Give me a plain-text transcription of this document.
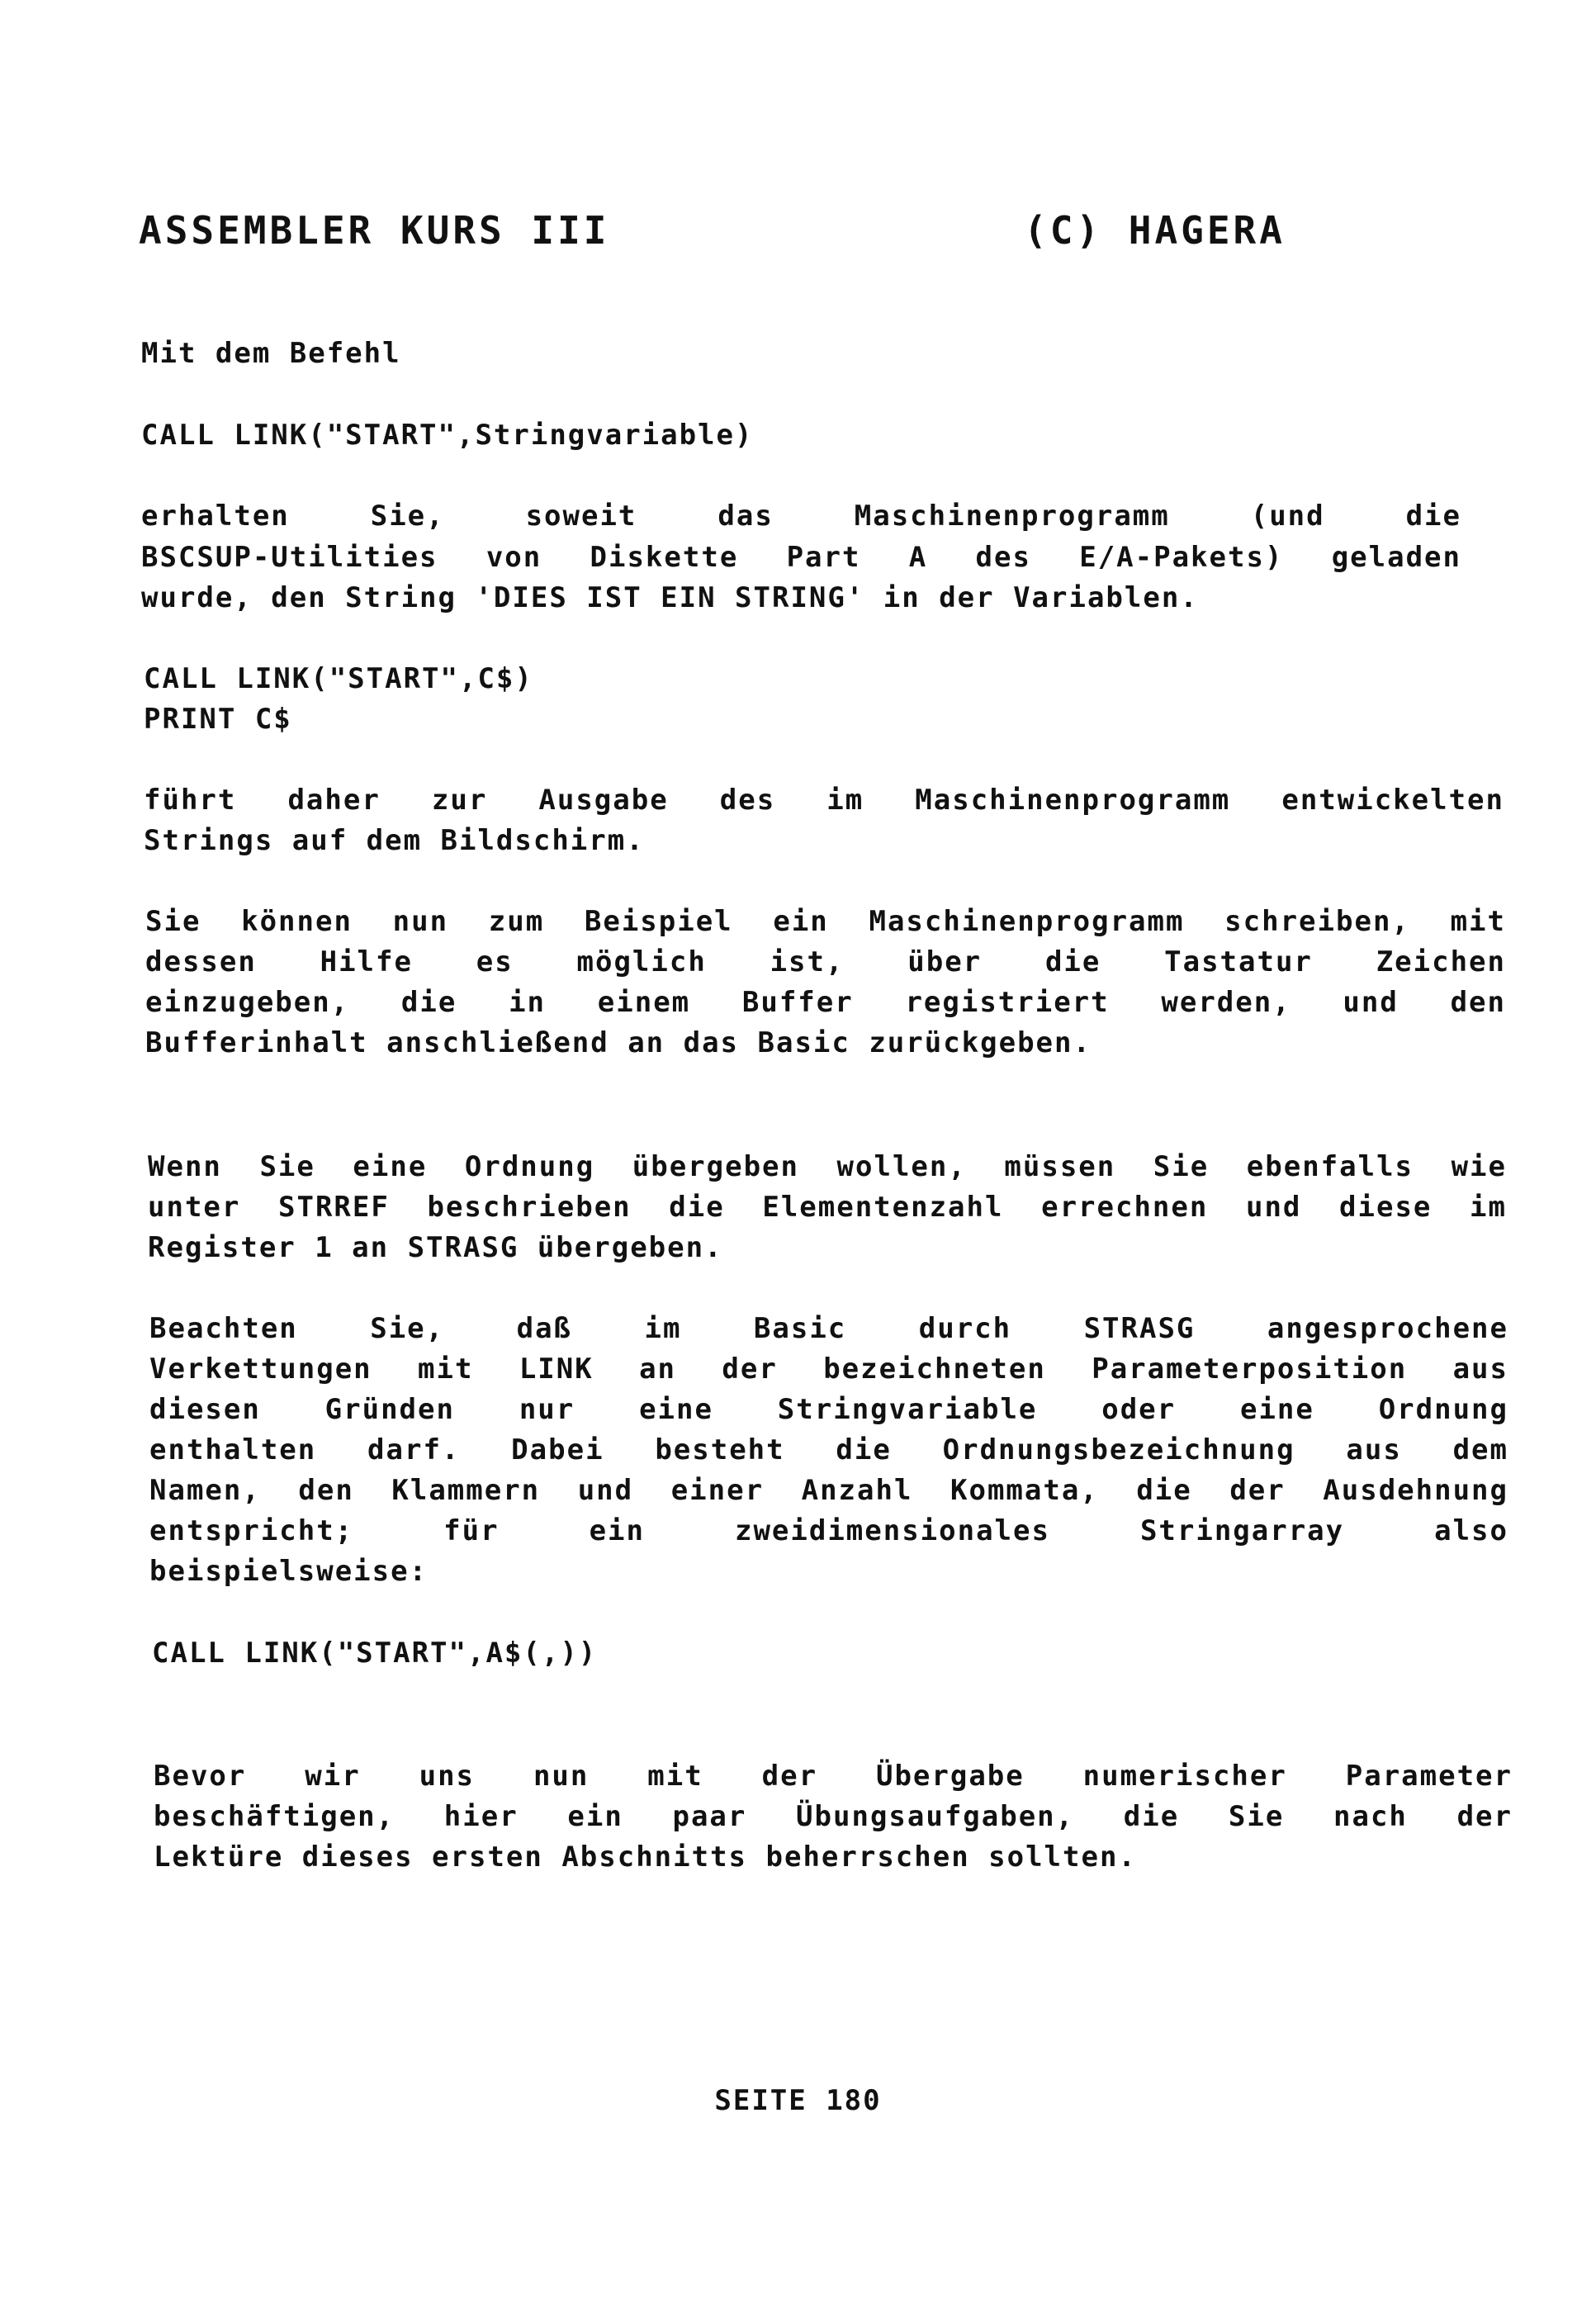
ASSEMBLER KURS III

	(C) HAGERA

Mit dem Befehl
CALL LINK("START",Stringvariable)
erhalten Sie, soweit das Maschinenprogramm (und die
BSCSUP-Utilities von Diskette Part A des E/A-Pakets) geladen
wurde, den String 'DIES IST EIN STRING' in der Variablen.
CALL LINK("START",C$)
PRINT C$
führt daher zur Ausgabe des im Maschinenprogramm entwickelten
Strings auf dem Bildschirm.
Sie können nun zum Beispiel ein Maschinenprogramm schreiben, mit
dessen Hilfe es möglich ist, über die Tastatur Zeichen
einzugeben, die in einem Buffer registriert werden, und den
Bufferinhalt anschließend an das Basic zurückgeben.
Wenn Sie eine Ordnung übergeben wollen, müssen Sie ebenfalls wie
unter STRREF beschrieben die Elementenzahl errechnen und diese im
Register 1 an STRASG übergeben.
Beachten Sie, daß im Basic durch STRASG angesprochene
Verkettungen mit LINK an der bezeichneten Parameterposition aus
diesen Gründen nur eine Stringvariable oder eine Ordnung
enthalten darf. Dabei besteht die Ordnungsbezeichnung aus dem
Namen, den Klammern und einer Anzahl Kommata, die der Ausdehnung
entspricht; für ein zweidimensionales Stringarray also
beispielsweise:
CALL LINK("START",A$(,))
Bevor wir uns nun mit der Übergabe numerischer Parameter
beschäftigen, hier ein paar Übungsaufgaben, die Sie nach der
Lektüre dieses ersten Abschnitts beherrschen sollten.
SEITE 180
